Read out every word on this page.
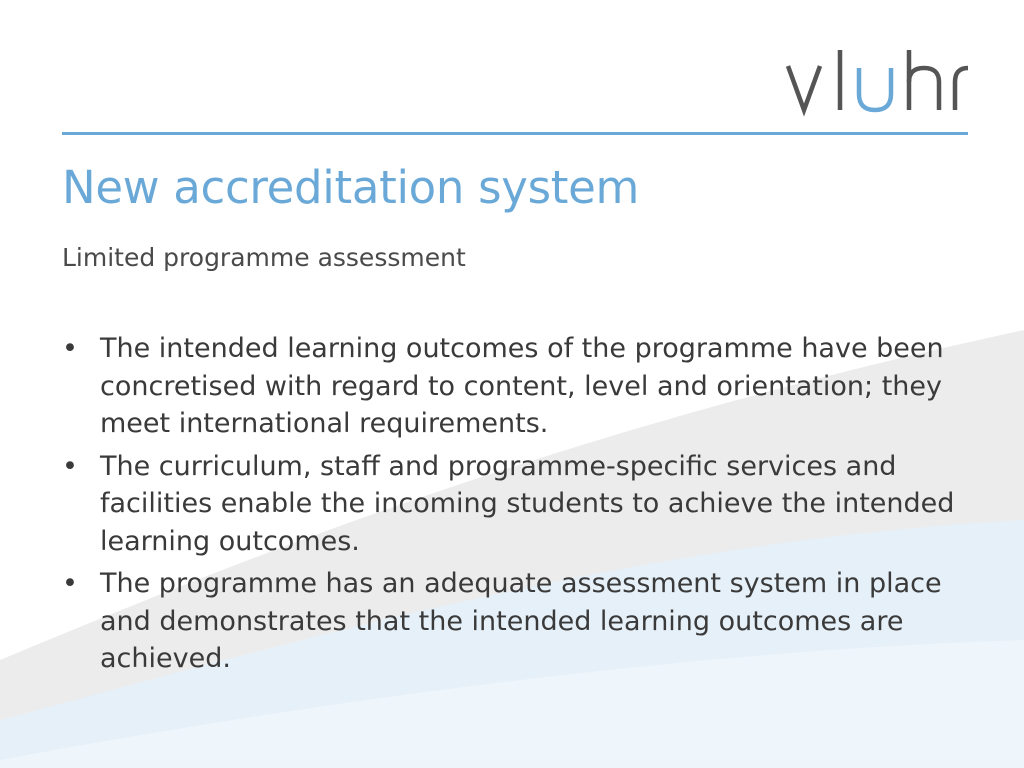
New accreditation system

Limited programme assessment

• The intended learning outcomes of the programme have been concretised with regard to content, level and orientation; they meet international requirements.
• The curriculum, staff and programme-specific services and facilities enable the incoming students to achieve the intended learning outcomes.
• The programme has an adequate assessment system in place and demonstrates that the intended learning outcomes are achieved.
